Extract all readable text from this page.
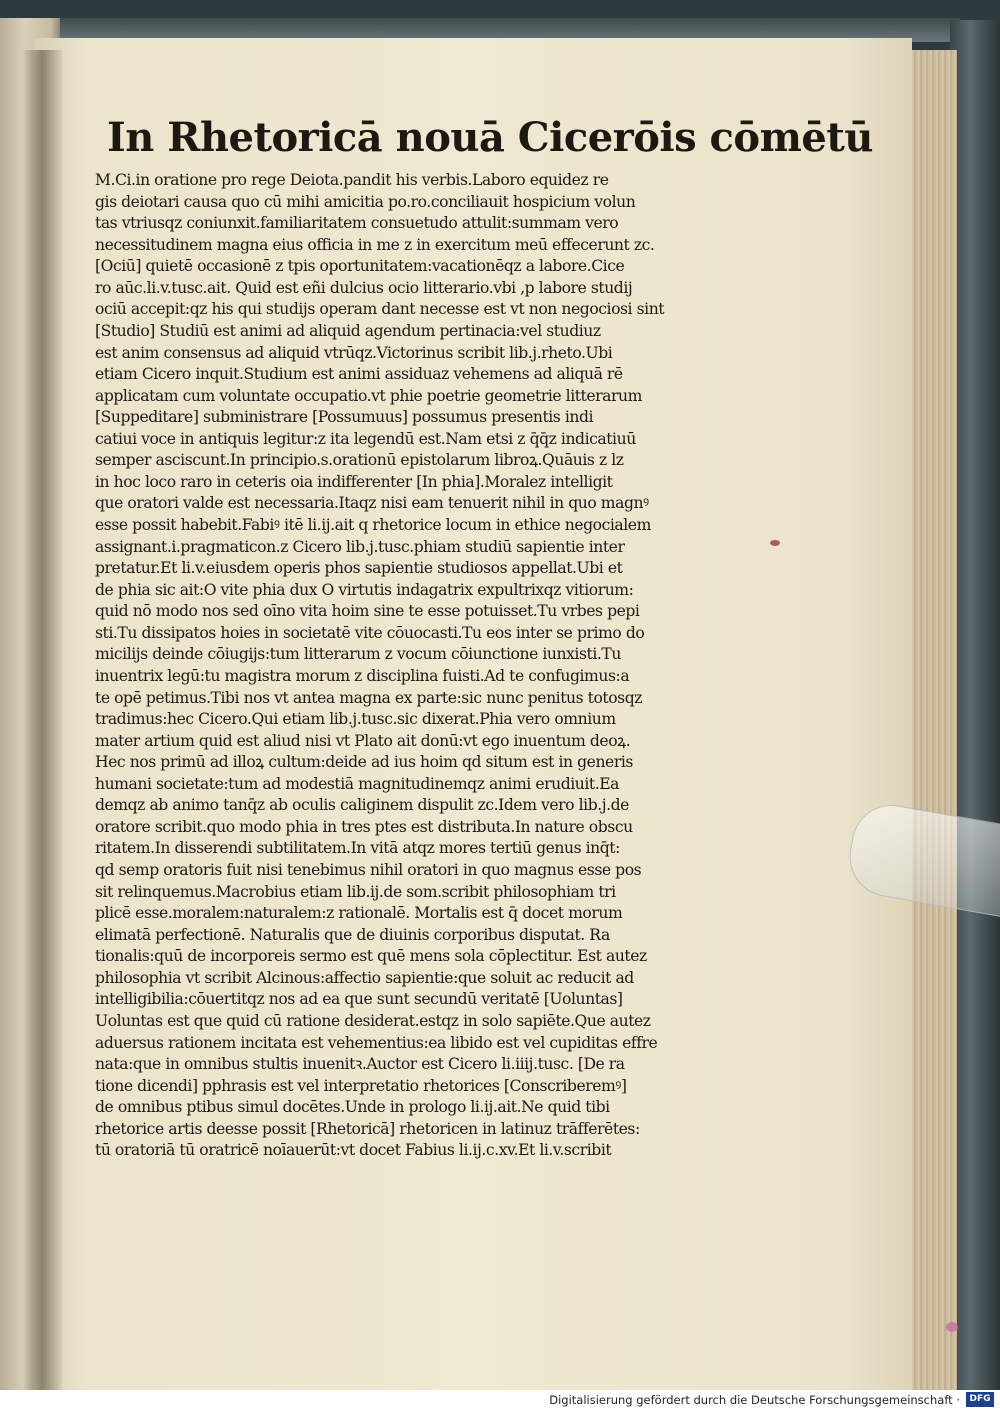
In Rhetoricā nouā Cicerōis cōmētū
M.Ci.in oratione pro rege Deiota.pandit his verbis.Laboro equidez re
gis deiotari causa quo cū mihi amicitia po.ro.conciliauit hospicium volun
tas vtriusqz coniunxit.familiaritatem consuetudo attulit:summam vero
necessitudinem magna eius officia in me z in exercitum meū effecerunt zc.
[Ociū] quietē occasionē z tpis oportunitatem:vacationēqz a labore.Cice
ro aūc.li.v.tusc.ait. Quid est eñi dulcius ocio litterario.vbi ,p labore studij
ociū accepit:qz his qui studijs operam dant necesse est vt non negociosi sint
[Studio] Studiū est animi ad aliquid agendum pertinacia:vel studiuz
est anim consensus ad aliquid vtrūqz.Victorinus scribit lib.j.rheto.Ubi
etiam Cicero inquit.Studium est animi assiduaz vehemens ad aliquā rē
applicatam cum voluntate occupatio.vt phie poetrie geometrie litterarum
[Suppeditare] subministrare [Possumuus] possumus presentis indi
catiui voce in antiquis legitur:z ita legendū est.Nam etsi z q̄q̄z indicatiuū
semper asciscunt.In principio.s.orationū epistolarum libroꝝ.Quāuis z lz
in hoc loco raro in ceteris oia indifferenter [In phia].Moralez intelligit
que oratori valde est necessaria.Itaqz nisi eam tenuerit nihil in quo magnꝰ
esse possit habebit.Fabiꝰ itē li.ij.ait q rhetorice locum in ethice negocialem
assignant.i.pragmaticon.z Cicero lib.j.tusc.phiam studiū sapientie inter
pretatur.Et li.v.eiusdem operis phos sapientie studiosos appellat.Ubi et
de phia sic ait:O vite phia dux O virtutis indagatrix expultrixqz vitiorum:
quid nō modo nos sed oīno vita hoim sine te esse potuisset.Tu vrbes pepi
sti.Tu dissipatos hoies in societatē vite cōuocasti.Tu eos inter se primo do
micilijs deinde cōiugijs:tum litterarum z vocum cōiunctione iunxisti.Tu
inuentrix legū:tu magistra morum z disciplina fuisti.Ad te confugimus:a
te opē petimus.Tibi nos vt antea magna ex parte:sic nunc penitus totosqz
tradimus:hec Cicero.Qui etiam lib.j.tusc.sic dixerat.Phia vero omnium
mater artium quid est aliud nisi vt Plato ait donū:vt ego inuentum deoꝝ.
Hec nos primū ad illoꝝ cultum:deide ad ius hoim qd situm est in generis
humani societate:tum ad modestiā magnitudinemqz animi erudiuit.Ea
demqz ab animo tanq̄z ab oculis caliginem dispulit zc.Idem vero lib.j.de
oratore scribit.quo modo phia in tres ptes est distributa.In nature obscu
ritatem.In disserendi subtilitatem.In vitā atqz mores tertiū genus inq̄t:
qd semp oratoris fuit nisi tenebimus nihil oratori in quo magnus esse pos
sit relinquemus.Macrobius etiam lib.ij.de som.scribit philosophiam tri
plicē esse.moralem:naturalem:z rationalē. Mortalis est q̄ docet morum
elimatā perfectionē. Naturalis que de diuinis corporibus disputat. Ra
tionalis:quū de incorporeis sermo est quē mens sola cōplectitur. Est autez
philosophia vt scribit Alcinous:affectio sapientie:que soluit ac reducit ad
intelligibilia:cōuertitqz nos ad ea que sunt secundū veritatē [Uoluntas]
Uoluntas est que quid cū ratione desiderat.estqz in solo sapiēte.Que autez
aduersus rationem incitata est vehementius:ea libido est vel cupiditas effre
nata:que in omnibus stultis inuenitꝛ.Auctor est Cicero li.iiij.tusc. [De ra
tione dicendi] pphrasis est vel interpretatio rhetorices [Conscriberemꝰ]
de omnibus ptibus simul docētes.Unde in prologo li.ij.ait.Ne quid tibi
rhetorice artis deesse possit [Rhetoricā] rhetoricen in latinuz trāfferētes:
tū oratoriā tū oratricē noīauerūt:vt docet Fabius li.ij.c.xv.Et li.v.scribit
Digitalisierung gefördert durch die Deutsche Forschungsgemeinschaft ·	DFG
